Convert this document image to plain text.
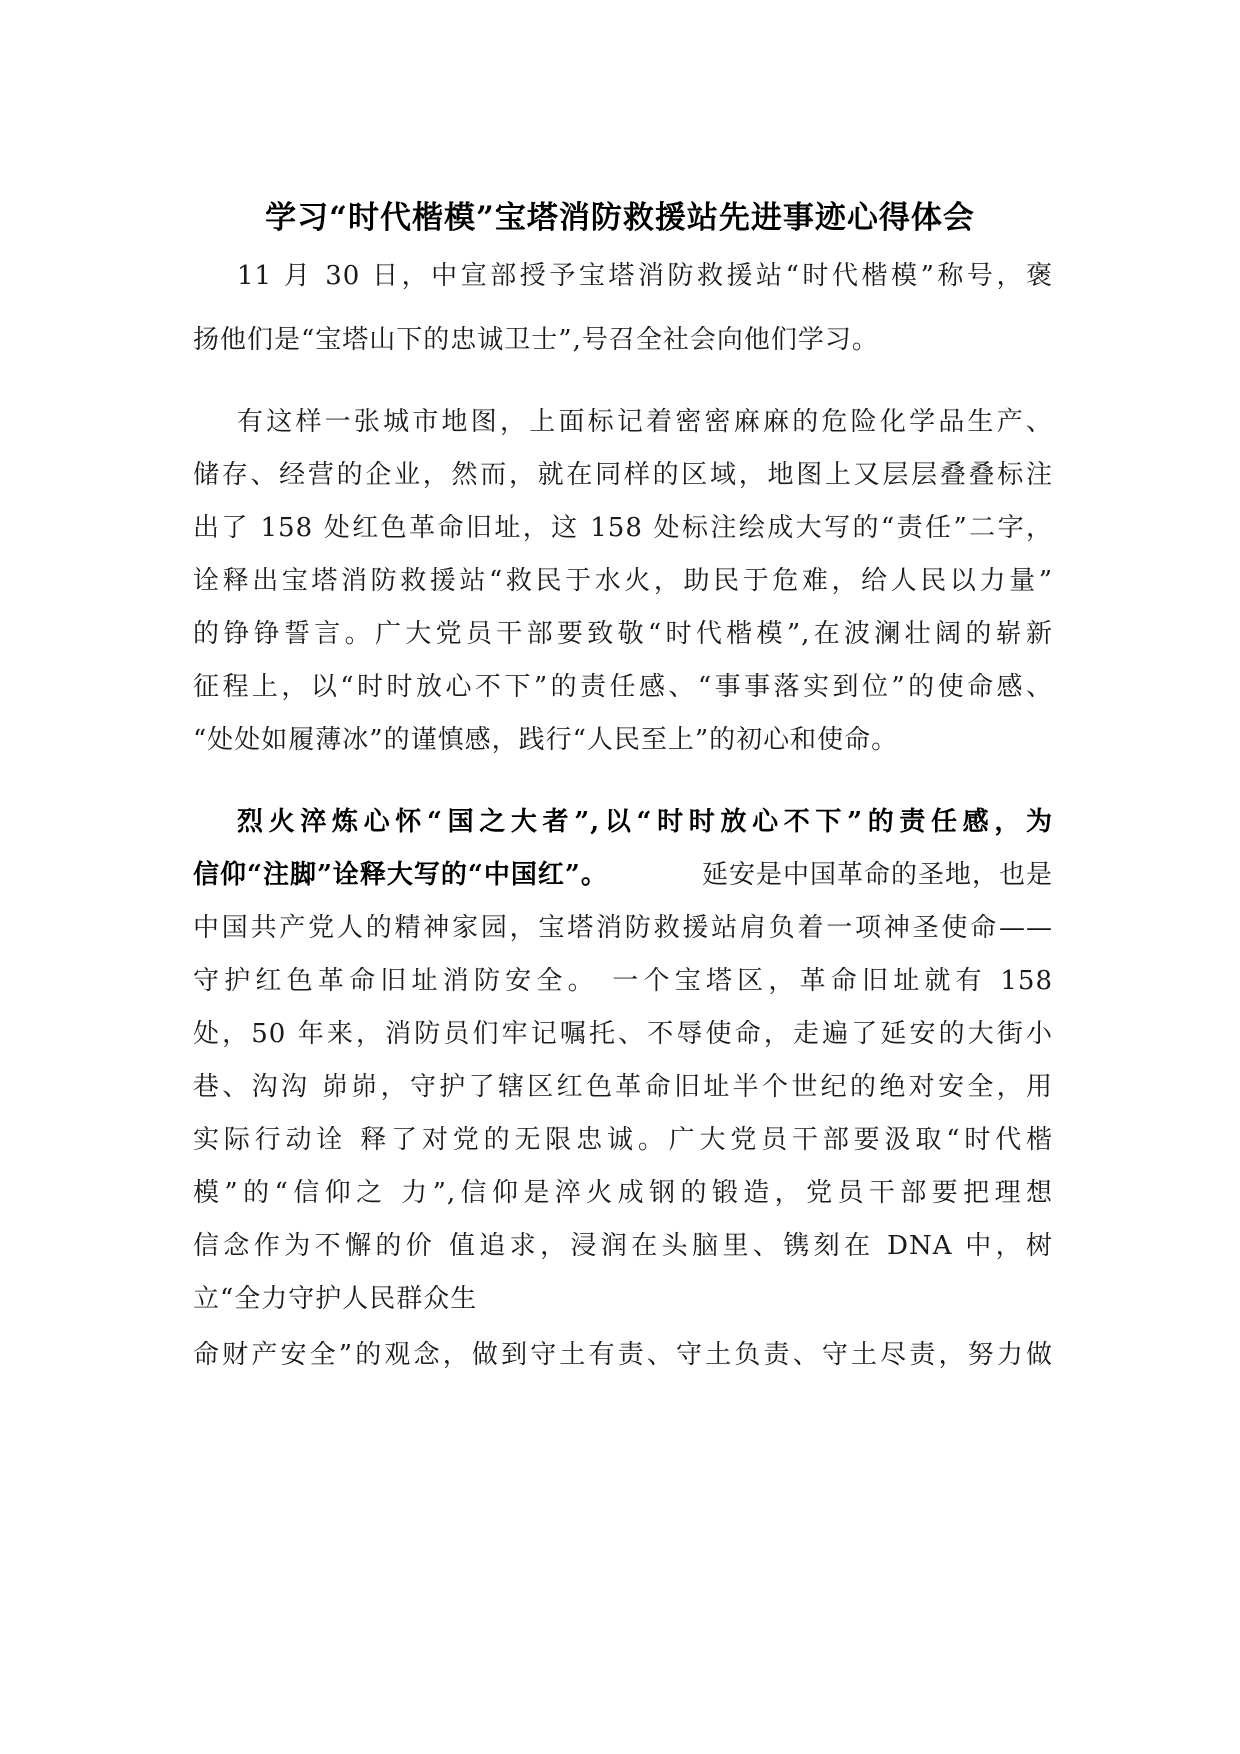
学习“时代楷模”宝塔消防救援站先进事迹心得体会
11 月 30 日，中宣部授予宝塔消防救援站“时代楷模”称号，褒
扬他们是“宝塔山下的忠诚卫士”,号召全社会向他们学习。
有这样一张城市地图，上面标记着密密麻麻的危险化学品生产、
储存、经营的企业，然而，就在同样的区域，地图上又层层叠叠标注
出了 158 处红色革命旧址，这 158 处标注绘成大写的“责任”二字，
诠释出宝塔消防救援站“救民于水火，助民于危难，给人民以力量”
的铮铮誓言。广大党员干部要致敬“时代楷模”,在波澜壮阔的崭新
征程上，以“时时放心不下”的责任感、“事事落实到位”的使命感、
“处处如履薄冰”的谨慎感，践行“人民至上”的初心和使命。
烈火淬炼心怀“国之大者”,以“时时放心不下”的责任感，为
信仰“注脚”诠释大写的“中国红”。	延安是中国革命的圣地，也是
中国共产党人的精神家园，宝塔消防救援站肩负着一项神圣使命——
守护红色革命旧址消防安全。 一个宝塔区，革命旧址就有 158
处，50 年来，消防员们牢记嘱托、不辱使命，走遍了延安的大街小
巷、沟沟 峁峁，守护了辖区红色革命旧址半个世纪的绝对安全，用
实际行动诠 释了对党的无限忠诚。广大党员干部要汲取“时代楷
模”的“信仰之 力”,信仰是淬火成钢的锻造，党员干部要把理想
信念作为不懈的价 值追求，浸润在头脑里、镌刻在 DNA 中，树
立“全力守护人民群众生
命财产安全”的观念，做到守土有责、守土负责、守土尽责，努力做
